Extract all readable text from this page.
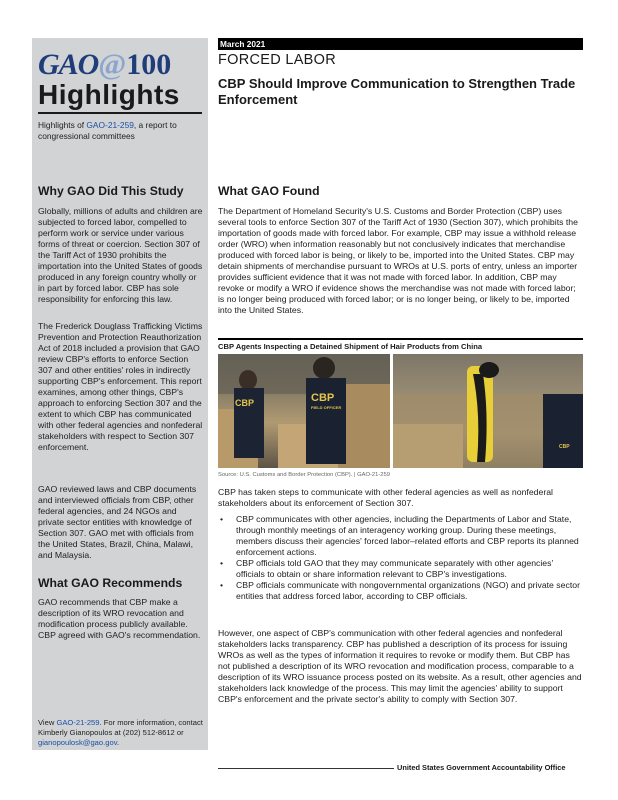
GAO@100
Highlights
Highlights of GAO-21-259, a report to congressional committees
Why GAO Did This Study
Globally, millions of adults and children are subjected to forced labor, compelled to perform work or service under various forms of threat or coercion. Section 307 of the Tariff Act of 1930 prohibits the importation into the United States of goods produced in any foreign country wholly or in part by forced labor. CBP has sole responsibility for enforcing this law.
The Frederick Douglass Trafficking Victims Prevention and Protection Reauthorization Act of 2018 included a provision that GAO review CBP's efforts to enforce Section 307 and other entities' roles in indirectly supporting CBP's enforcement. This report examines, among other things, CBP's approach to enforcing Section 307 and the extent to which CBP has communicated with other federal agencies and nonfederal stakeholders with respect to Section 307 enforcement.
GAO reviewed laws and CBP documents and interviewed officials from CBP, other federal agencies, and 24 NGOs and private sector entities with knowledge of Section 307. GAO met with officials from the United States, Brazil, China, Malawi, and Malaysia.
What GAO Recommends
GAO recommends that CBP make a description of its WRO revocation and modification process publicly available. CBP agreed with GAO's recommendation.
View GAO-21-259. For more information, contact Kimberly Gianopoulos at (202) 512-8612 or gianopoulosk@gao.gov.
March 2021
FORCED LABOR
CBP Should Improve Communication to Strengthen Trade Enforcement
What GAO Found
The Department of Homeland Security's U.S. Customs and Border Protection (CBP) uses several tools to enforce Section 307 of the Tariff Act of 1930 (Section 307), which prohibits the importation of goods made with forced labor. For example, CBP may issue a withhold release order (WRO) when information reasonably but not conclusively indicates that merchandise produced with forced labor is being, or likely to be, imported into the United States. CBP may detain shipments of merchandise pursuant to WROs at U.S. ports of entry, unless an importer provides sufficient evidence that it was not made with forced labor. In addition, CBP may revoke or modify a WRO if evidence shows the merchandise was not made with forced labor; is no longer being produced with forced labor; or is no longer being, or likely to be, imported into the United States.
CBP Agents Inspecting a Detained Shipment of Hair Products from China
CBP	CBP
FIELD OFFICER
CBP
Source: U.S. Customs and Border Protection (CBP). | GAO-21-259
CBP has taken steps to communicate with other federal agencies as well as nonfederal stakeholders about its enforcement of Section 307.
• CBP communicates with other agencies, including the Departments of Labor and State, through monthly meetings of an interagency working group. During these meetings, members discuss their agencies' forced labor–related efforts and CBP reports its planned enforcement actions.
• CBP officials told GAO that they may communicate separately with other agencies' officials to obtain or share information relevant to CBP's investigations.
• CBP officials communicate with nongovernmental organizations (NGO) and private sector entities that address forced labor, according to CBP officials.
However, one aspect of CBP's communication with other federal agencies and nonfederal stakeholders lacks transparency. CBP has published a description of its process for issuing WROs as well as the types of information it requires to revoke or modify them. But CBP has not published a description of its WRO revocation and modification process, comparable to a description of its WRO issuance process posted on its website. As a result, other agencies and stakeholders lack knowledge of the process. This may limit the agencies' ability to support CBP's enforcement and the private sector's ability to comply with Section 307.
United States Government Accountability Office
